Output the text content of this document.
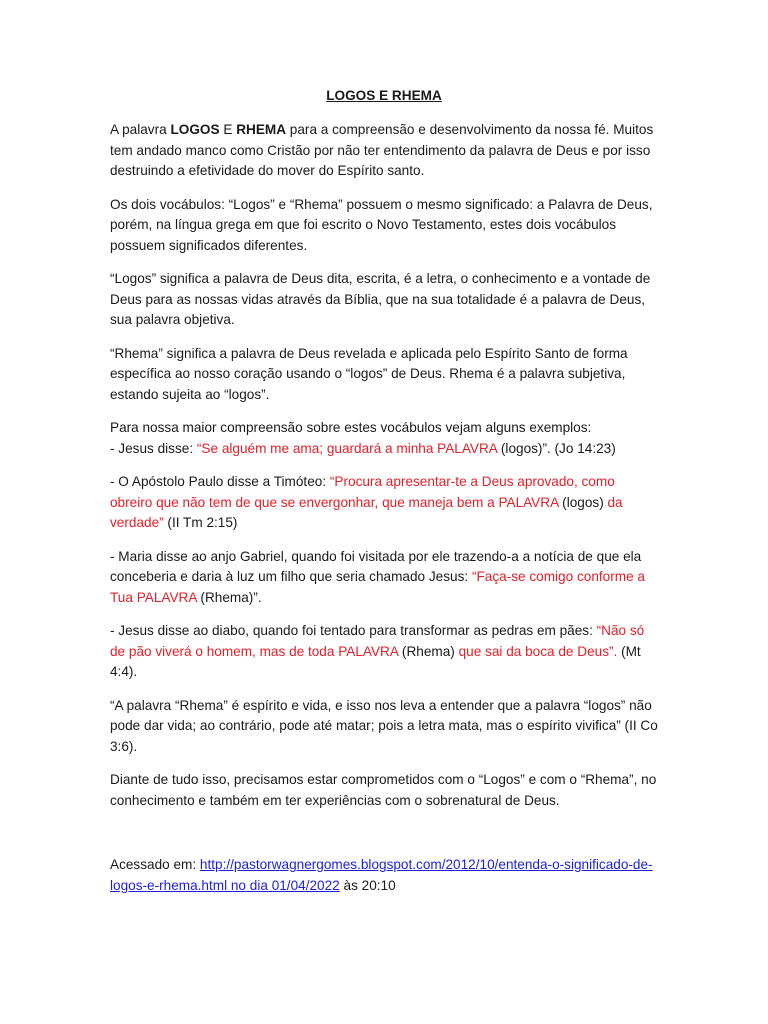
LOGOS E RHEMA

A palavra LOGOS E RHEMA para a compreensão e desenvolvimento da nossa fé. Muitos tem andado manco como Cristão por não ter entendimento da palavra de Deus e por isso destruindo a efetividade do mover do Espírito santo.

Os dois vocábulos: “Logos” e “Rhema” possuem o mesmo significado: a Palavra de Deus, porém, na língua grega em que foi escrito o Novo Testamento, estes dois vocábulos possuem significados diferentes.

“Logos” significa a palavra de Deus dita, escrita, é a letra, o conhecimento e a vontade de Deus para as nossas vidas através da Bíblia, que na sua totalidade é a palavra de Deus, sua palavra objetiva.

“Rhema” significa a palavra de Deus revelada e aplicada pelo Espírito Santo de forma específica ao nosso coração usando o “logos” de Deus. Rhema é a palavra subjetiva, estando sujeita ao “logos”.

Para nossa maior compreensão sobre estes vocábulos vejam alguns exemplos:
- Jesus disse: “Se alguém me ama; guardará a minha PALAVRA (logos)”. (Jo 14:23)

- O Apóstolo Paulo disse a Timóteo: “Procura apresentar-te a Deus aprovado, como obreiro que não tem de que se envergonhar, que maneja bem a PALAVRA (logos) da verdade” (II Tm 2:15)

- Maria disse ao anjo Gabriel, quando foi visitada por ele trazendo-a a notícia de que ela conceberia e daria à luz um filho que seria chamado Jesus: “Faça-se comigo conforme a Tua PALAVRA (Rhema)”.

- Jesus disse ao diabo, quando foi tentado para transformar as pedras em pães: “Não só de pão viverá o homem, mas de toda PALAVRA (Rhema) que sai da boca de Deus”. (Mt 4:4).

“A palavra “Rhema” é espírito e vida, e isso nos leva a entender que a palavra “logos” não pode dar vida; ao contrário, pode até matar; pois a letra mata, mas o espírito vivifica” (II Co 3:6).

Diante de tudo isso, precisamos estar comprometidos com o “Logos” e com o “Rhema”, no conhecimento e também em ter experiências com o sobrenatural de Deus.

Acessado em: http://pastorwagnergomes.blogspot.com/2012/10/entenda-o-significado-de-logos-e-rhema.html no dia 01/04/2022 às 20:10
